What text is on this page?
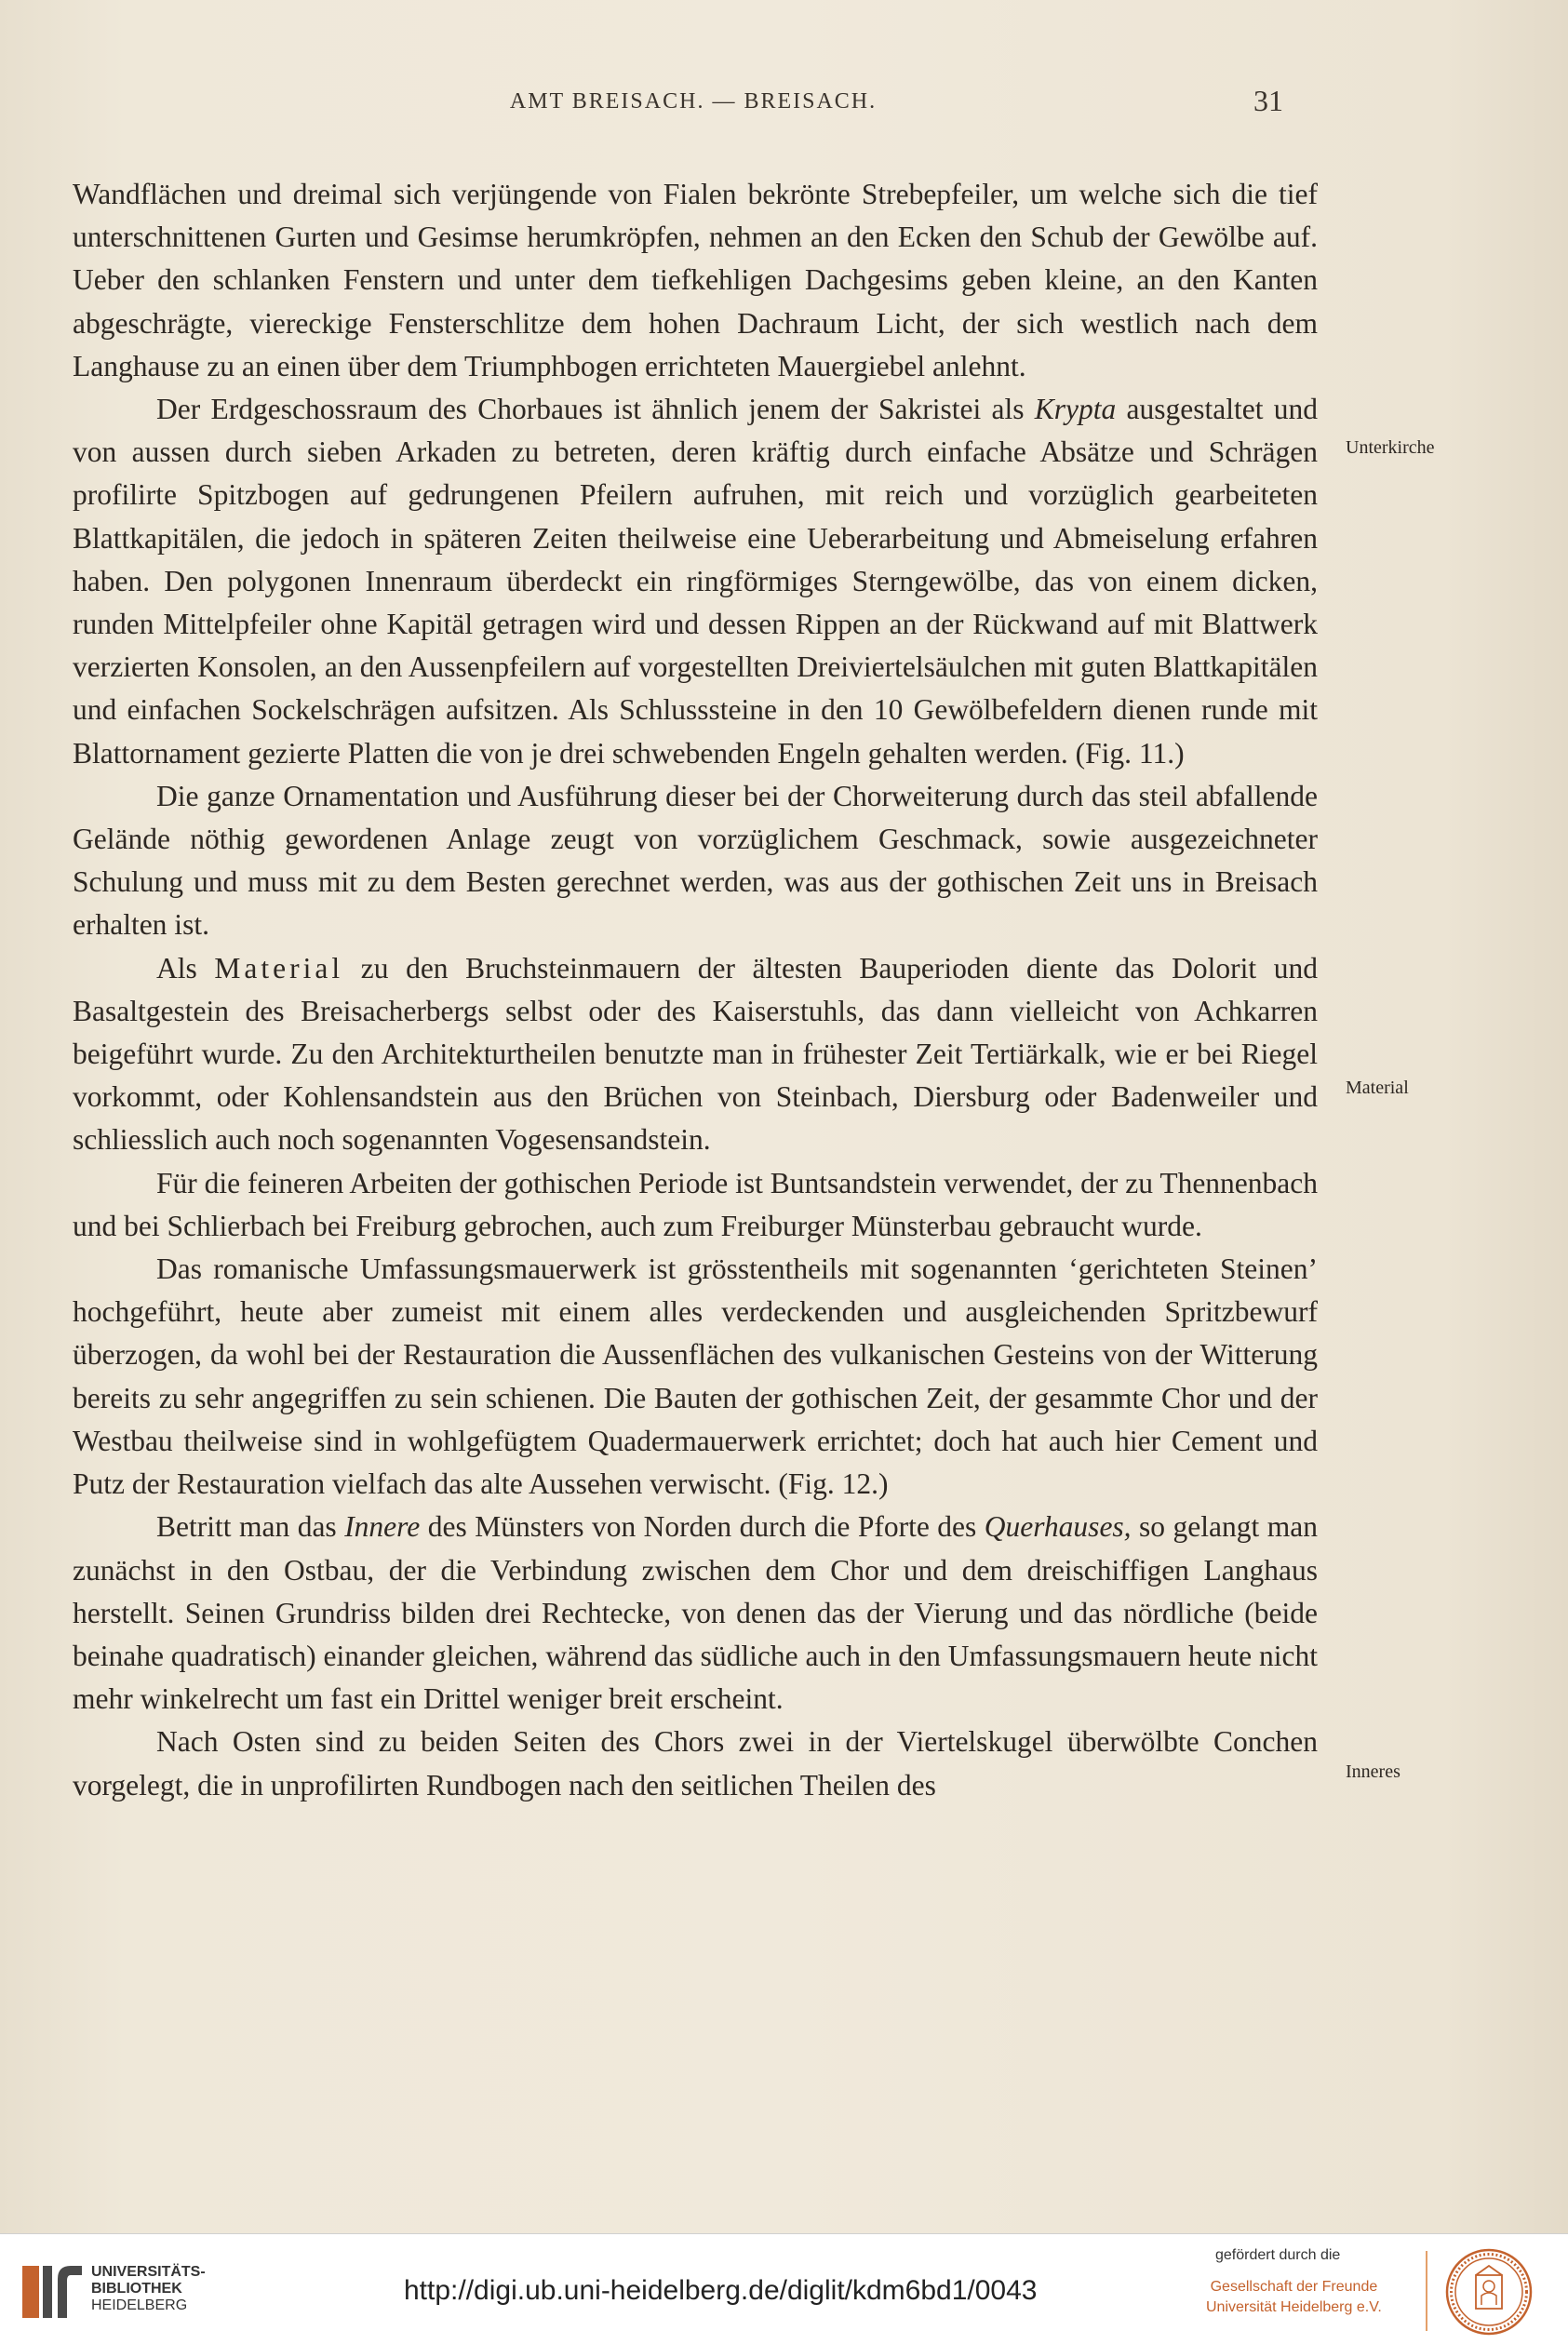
AMT BREISACH. — BREISACH.	31

Wandflächen und dreimal sich verjüngende von Fialen bekrönte Strebepfeiler, um welche sich die tief unterschnittenen Gurten und Gesimse herumkröpfen, nehmen an den Ecken den Schub der Gewölbe auf. Ueber den schlanken Fenstern und unter dem tiefkehligen Dachgesims geben kleine, an den Kanten abgeschrägte, viereckige Fensterschlitze dem hohen Dachraum Licht, der sich westlich nach dem Langhause zu an einen über dem Triumphbogen errichteten Mauergiebel anlehnt.

Der Erdgeschossraum des Chorbaues ist ähnlich jenem der Sakristei als Krypta ausgestaltet und von aussen durch sieben Arkaden zu betreten, deren kräftig durch einfache Absätze und Schrägen profilirte Spitzbogen auf gedrungenen Pfeilern aufruhen, mit reich und vorzüglich gearbeiteten Blattkapitälen, die jedoch in späteren Zeiten theilweise eine Ueberarbeitung und Abmeiselung erfahren haben. Den polygonen Innenraum überdeckt ein ringförmiges Sterngewölbe, das von einem dicken, runden Mittelpfeiler ohne Kapitäl getragen wird und dessen Rippen an der Rückwand auf mit Blattwerk verzierten Konsolen, an den Aussenpfeilern auf vorgestellten Dreiviertelsäulchen mit guten Blattkapitälen und einfachen Sockelschrägen aufsitzen. Als Schlusssteine in den 10 Gewölbefeldern dienen runde mit Blattornament gezierte Platten die von je drei schwebenden Engeln gehalten werden. (Fig. 11.)

Die ganze Ornamentation und Ausführung dieser bei der Chorweiterung durch das steil abfallende Gelände nöthig gewordenen Anlage zeugt von vorzüglichem Geschmack, sowie ausgezeichneter Schulung und muss mit zu dem Besten gerechnet werden, was aus der gothischen Zeit uns in Breisach erhalten ist.

Als Material zu den Bruchsteinmauern der ältesten Bauperioden diente das Dolorit und Basaltgestein des Breisacherbergs selbst oder des Kaiserstuhls, das dann vielleicht von Achkarren beigeführt wurde. Zu den Architekturtheilen benutzte man in frühester Zeit Tertiärkalk, wie er bei Riegel vorkommt, oder Kohlensandstein aus den Brüchen von Steinbach, Diersburg oder Badenweiler und schliesslich auch noch sogenannten Vogesensandstein.

Für die feineren Arbeiten der gothischen Periode ist Buntsandstein verwendet, der zu Thennenbach und bei Schlierbach bei Freiburg gebrochen, auch zum Freiburger Münsterbau gebraucht wurde.

Das romanische Umfassungsmauerwerk ist grösstentheils mit sogenannten ‘gerichteten Steinen’ hochgeführt, heute aber zumeist mit einem alles verdeckenden und ausgleichenden Spritzbewurf überzogen, da wohl bei der Restauration die Aussenflächen des vulkanischen Gesteins von der Witterung bereits zu sehr angegriffen zu sein schienen. Die Bauten der gothischen Zeit, der gesammte Chor und der Westbau theilweise sind in wohlgefügtem Quadermauerwerk errichtet; doch hat auch hier Cement und Putz der Restauration vielfach das alte Aussehen verwischt. (Fig. 12.)

Betritt man das Innere des Münsters von Norden durch die Pforte des Querhauses, so gelangt man zunächst in den Ostbau, der die Verbindung zwischen dem Chor und dem dreischiffigen Langhaus herstellt. Seinen Grundriss bilden drei Rechtecke, von denen das der Vierung und das nördliche (beide beinahe quadratisch) einander gleichen, während das südliche auch in den Umfassungsmauern heute nicht mehr winkelrecht um fast ein Drittel weniger breit erscheint.

Nach Osten sind zu beiden Seiten des Chors zwei in der Viertelskugel überwölbte Conchen vorgelegt, die in unprofilirten Rundbogen nach den seitlichen Theilen des

Unterkirche
Material
Inneres
UNIVERSITÄTS-
BIBLIOTHEK
HEIDELBERG	http://digi.ub.uni-heidelberg.de/diglit/kdm6bd1/0043
gefördert durch die
Gesellschaft der Freunde
Universität Heidelberg e.V.
